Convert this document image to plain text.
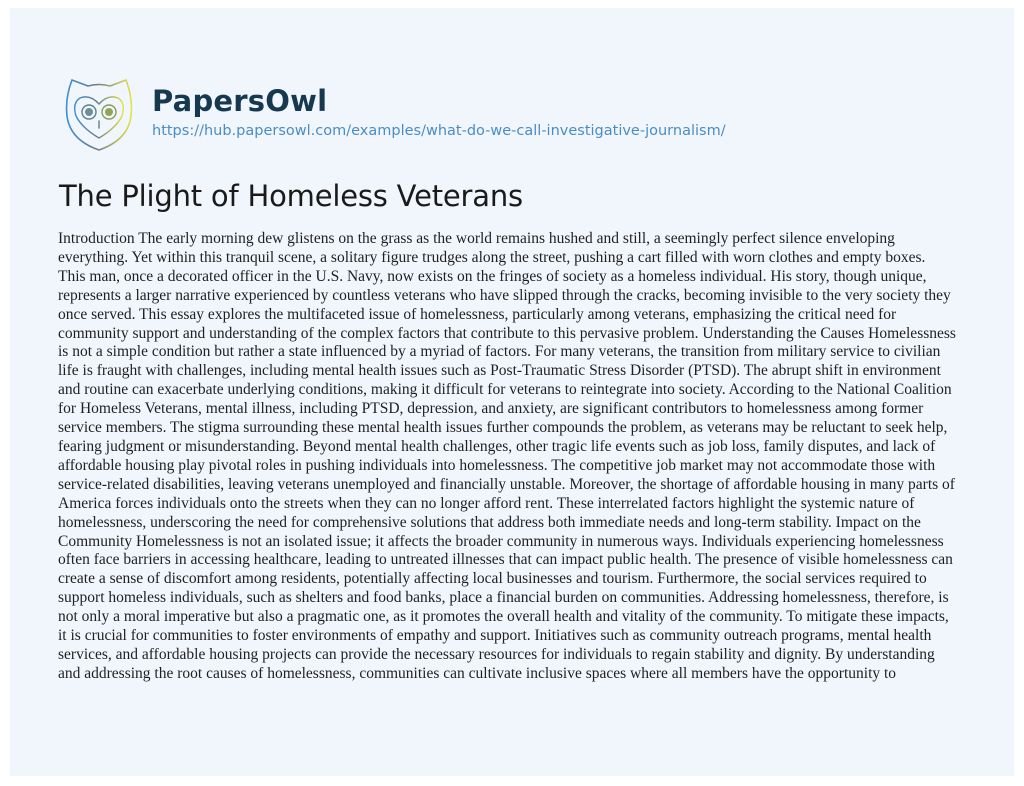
PapersOwl
https://hub.papersowl.com/examples/what-do-we-call-investigative-journalism/
The Plight of Homeless Veterans
Introduction The early morning dew glistens on the grass as the world remains hushed and still, a seemingly perfect silence enveloping
everything. Yet within this tranquil scene, a solitary figure trudges along the street, pushing a cart filled with worn clothes and empty boxes.
This man, once a decorated officer in the U.S. Navy, now exists on the fringes of society as a homeless individual. His story, though unique,
represents a larger narrative experienced by countless veterans who have slipped through the cracks, becoming invisible to the very society they
once served. This essay explores the multifaceted issue of homelessness, particularly among veterans, emphasizing the critical need for
community support and understanding of the complex factors that contribute to this pervasive problem. Understanding the Causes Homelessness
is not a simple condition but rather a state influenced by a myriad of factors. For many veterans, the transition from military service to civilian
life is fraught with challenges, including mental health issues such as Post-Traumatic Stress Disorder (PTSD). The abrupt shift in environment
and routine can exacerbate underlying conditions, making it difficult for veterans to reintegrate into society. According to the National Coalition
for Homeless Veterans, mental illness, including PTSD, depression, and anxiety, are significant contributors to homelessness among former
service members. The stigma surrounding these mental health issues further compounds the problem, as veterans may be reluctant to seek help,
fearing judgment or misunderstanding. Beyond mental health challenges, other tragic life events such as job loss, family disputes, and lack of
affordable housing play pivotal roles in pushing individuals into homelessness. The competitive job market may not accommodate those with
service-related disabilities, leaving veterans unemployed and financially unstable. Moreover, the shortage of affordable housing in many parts of
America forces individuals onto the streets when they can no longer afford rent. These interrelated factors highlight the systemic nature of
homelessness, underscoring the need for comprehensive solutions that address both immediate needs and long-term stability. Impact on the
Community Homelessness is not an isolated issue; it affects the broader community in numerous ways. Individuals experiencing homelessness
often face barriers in accessing healthcare, leading to untreated illnesses that can impact public health. The presence of visible homelessness can
create a sense of discomfort among residents, potentially affecting local businesses and tourism. Furthermore, the social services required to
support homeless individuals, such as shelters and food banks, place a financial burden on communities. Addressing homelessness, therefore, is
not only a moral imperative but also a pragmatic one, as it promotes the overall health and vitality of the community. To mitigate these impacts,
it is crucial for communities to foster environments of empathy and support. Initiatives such as community outreach programs, mental health
services, and affordable housing projects can provide the necessary resources for individuals to regain stability and dignity. By understanding
and addressing the root causes of homelessness, communities can cultivate inclusive spaces where all members have the opportunity to
